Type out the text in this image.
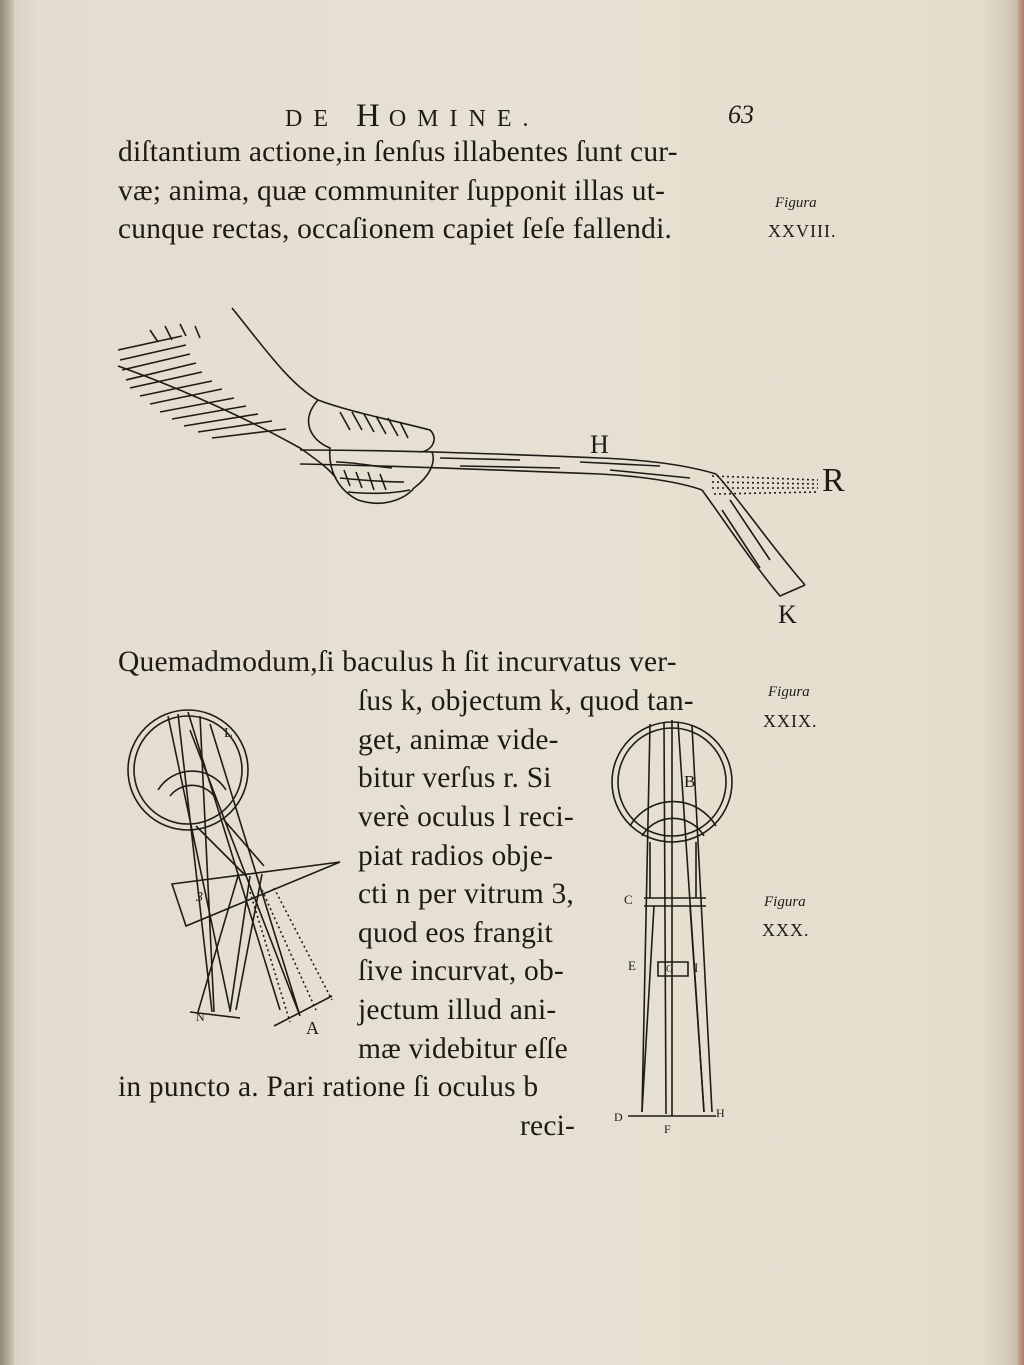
DE HOMINE.	63
diſtantium actione,in ſenſus illabentes ſunt cur-
væ; anima, quæ communiter ſupponit illas ut-
cunque rectas, occaſionem capiet ſeſe fallendi.
Figura
XXVIII.
Figura
XXIX.
Figura
XXX.
H
R
K
Quemadmodum,ſi baculus h ſit incurvatus ver-
ſus k, objectum k, quod tan-
get, animæ vide-
bitur verſus r. Si
verè oculus l reci-
piat radios obje-
cti n per vitrum 3,
quod eos frangit
ſive incurvat, ob-
jectum illud ani-
mæ videbitur eſſe
in puncto a. Pari ratione ſi oculus b
reci-
L
3
N
A
B
C
E	G I
D
F
H
